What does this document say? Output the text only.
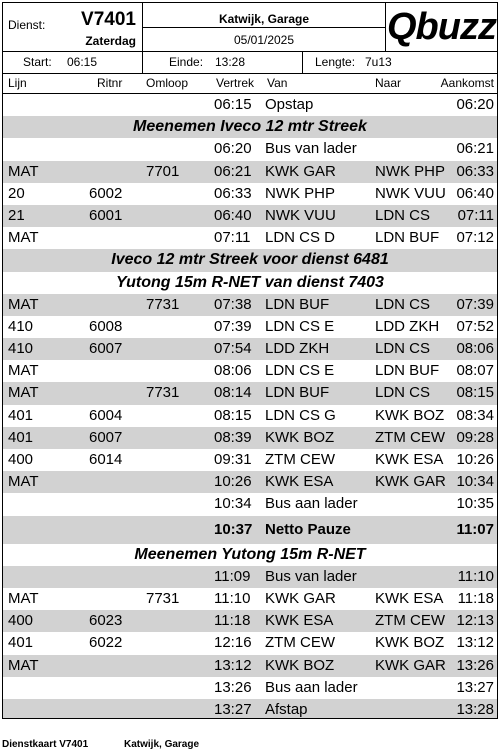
Dienst: V7401
Zaterdag
Katwijk, Garage
05/01/2025	Qbuzz
Start: 06:15	Einde: 13:28	Lengte: 7u13
Lijn	Ritnr Omloop Vertrek Van	Naar	Aankomst
06:15 Opstap	06:20
Meenemen Iveco 12 mtr Streek
06:20 Bus van lader	06:21
MAT	7701 06:21 KWK GAR	NWK PHP 06:33
20	6002	06:33 NWK PHP	NWK VUU 06:40
21	6001	06:40 NWK VUU	LDN CS 07:11
MAT	07:11 LDN CS D	LDN BUF 07:12
Iveco 12 mtr Streek voor dienst 6481
Yutong 15m R-NET van dienst 7403
MAT	7731 07:38 LDN BUF	LDN CS 07:39
410	6008	07:39 LDN CS E	LDD ZKH 07:52
410	6007	07:54 LDD ZKH	LDN CS 08:06
MAT	08:06 LDN CS E	LDN BUF 08:07
MAT	7731 08:14 LDN BUF	LDN CS 08:15
401	6004	08:15 LDN CS G	KWK BOZ 08:34
401	6007	08:39 KWK BOZ	ZTM CEW 09:28
400	6014	09:31 ZTM CEW	KWK ESA 10:26
MAT	10:26 KWK ESA	KWK GAR 10:34
10:34 Bus aan lader	10:35
10:37 Netto Pauze	11:07
Meenemen Yutong 15m R-NET
11:09 Bus van lader	11:10
MAT	7731 11:10 KWK GAR	KWK ESA 11:18
400	6023	11:18 KWK ESA	ZTM CEW 12:13
401	6022	12:16 ZTM CEW	KWK BOZ 13:12
MAT	13:12 KWK BOZ	KWK GAR 13:26
13:26 Bus aan lader	13:27
13:27 Afstap	13:28
Dienstkaart V7401	Katwijk, Garage
